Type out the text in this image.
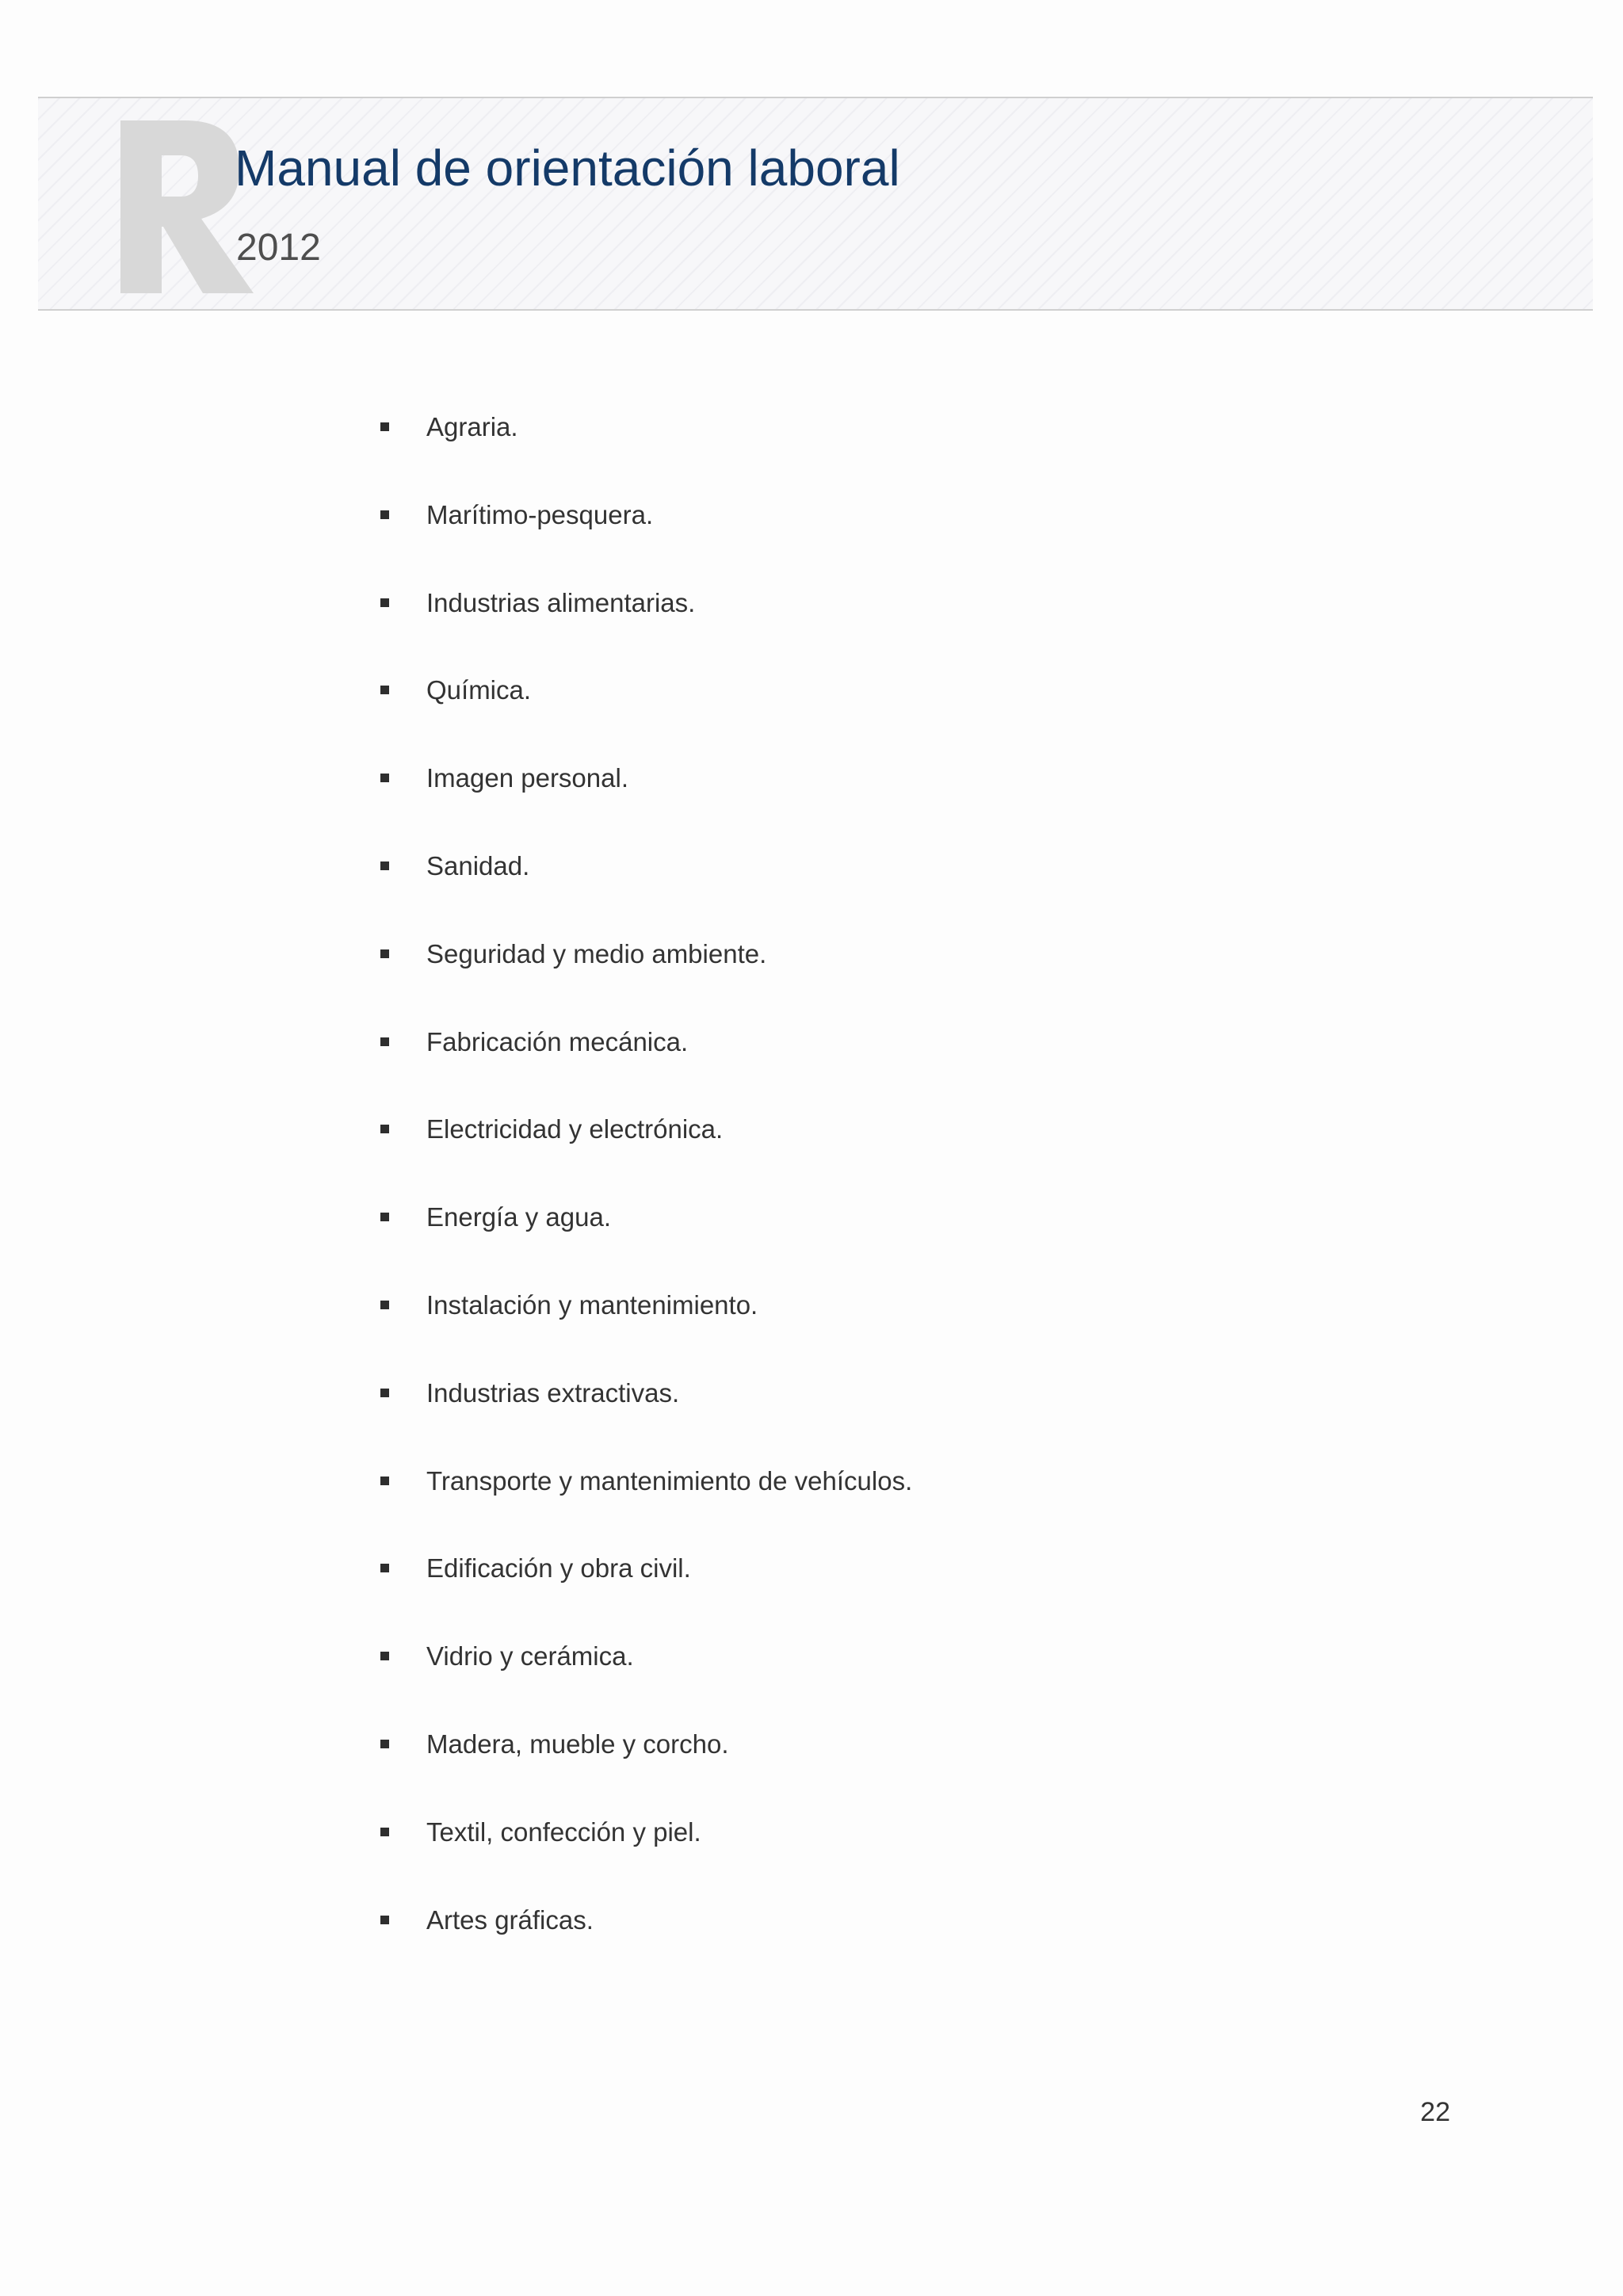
Manual de orientación laboral
2012
Agraria.
Marítimo-pesquera.
Industrias alimentarias.
Química.
Imagen personal.
Sanidad.
Seguridad y medio ambiente.
Fabricación mecánica.
Electricidad y electrónica.
Energía y agua.
Instalación y mantenimiento.
Industrias extractivas.
Transporte y mantenimiento de vehículos.
Edificación y obra civil.
Vidrio y cerámica.
Madera, mueble y corcho.
Textil, confección y piel.
Artes gráficas.
22
